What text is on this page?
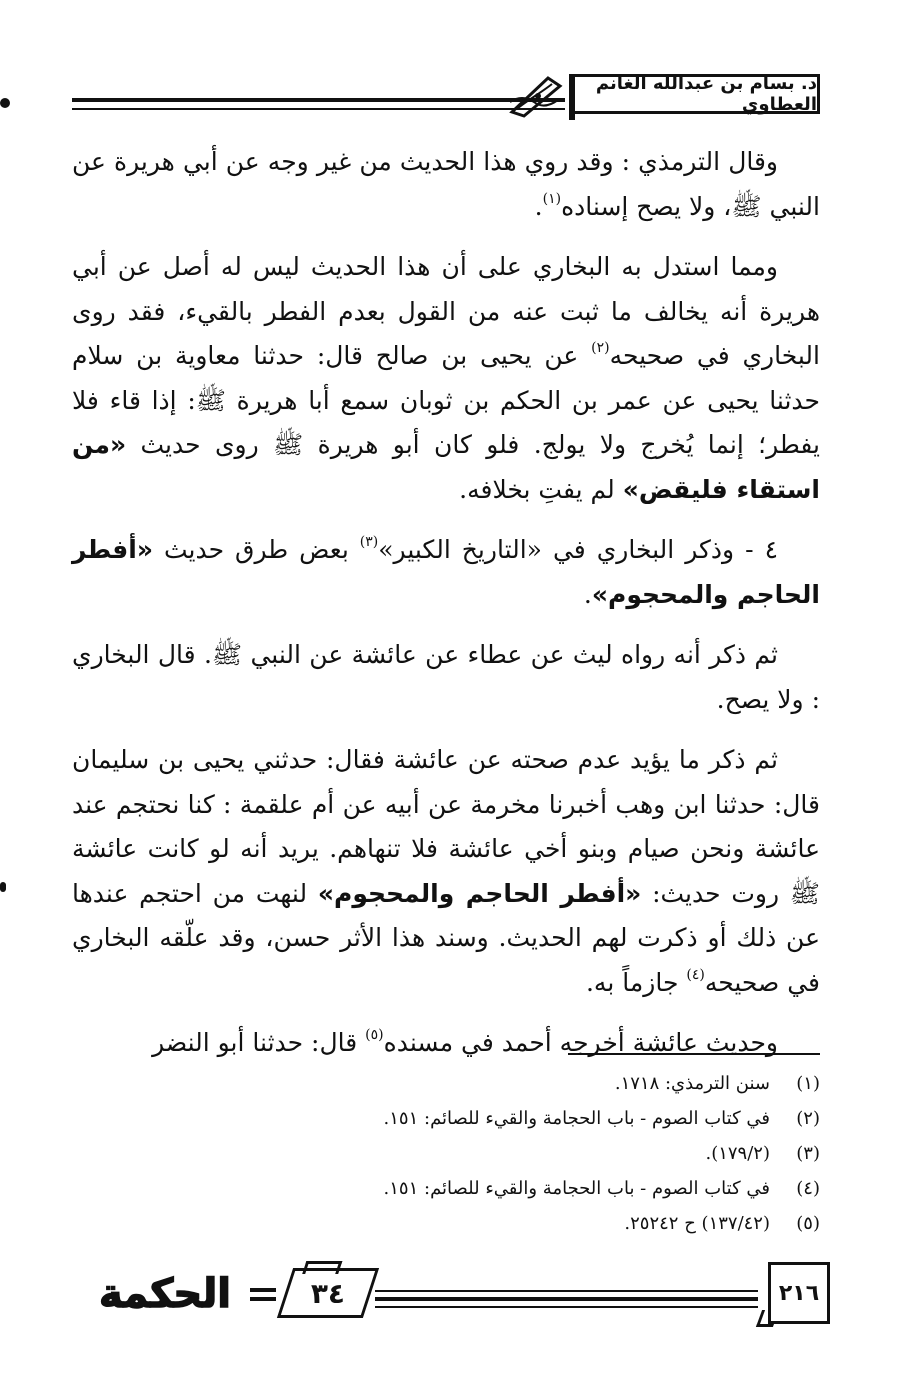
د. بسام بن عبدالله الغانم العطاوي

وقال الترمذي : وقد روي هذا الحديث من غير وجه عن أبي هريرة عن النبي ﷺ، ولا يصح إسناده$^{(١)}$.

ومما استدل به البخاري على أن هذا الحديث ليس له أصل عن أبي هريرة أنه يخالف ما ثبت عنه من القول بعدم الفطر بالقيء، فقد روى البخاري في صحيحه$^{(٢)}$ عن يحيى بن صالح قال: حدثنا معاوية بن سلام حدثنا يحيى عن عمر بن الحكم بن ثوبان سمع أبا هريرة ﷺ: إذا قاء فلا يفطر؛ إنما يُخرج ولا يولج. فلو كان أبو هريرة ﷺ روى حديث «من استقاء فليقض» لم يفتِ بخلافه.

٤ - وذكر البخاري في «التاريخ الكبير»$^{(٣)}$ بعض طرق حديث «أفطر الحاجم والمحجوم».

ثم ذكر أنه رواه ليث عن عطاء عن عائشة عن النبي ﷺ. قال البخاري : ولا يصح.

ثم ذكر ما يؤيد عدم صحته عن عائشة فقال: حدثني يحيى بن سليمان قال: حدثنا ابن وهب أخبرنا مخرمة عن أبيه عن أم علقمة : كنا نحتجم عند عائشة ونحن صيام وبنو أخي عائشة فلا تنهاهم. يريد أنه لو كانت عائشة ﷺ روت حديث: «أفطر الحاجم والمحجوم» لنهت من احتجم عندها عن ذلك أو ذكرت لهم الحديث. وسند هذا الأثر حسن، وقد علّقه البخاري في صحيحه$^{(٤)}$ جازماً به.

وحديث عائشة أخرجه أحمد في مسنده$^{(٥)}$ قال: حدثنا أبو النضر

(١)
سنن الترمذي: ١٧١٨.
(٢)
في كتاب الصوم - باب الحجامة والقيء للصائم: ١٥١.
(٣)
(١٧٩/٢).
(٤)
في كتاب الصوم - باب الحجامة والقيء للصائم: ١٥١.
(٥)
(١٣٧/٤٢) ح ٢٥٢٤٢.
٢١٦
٣٤
الحكمة
